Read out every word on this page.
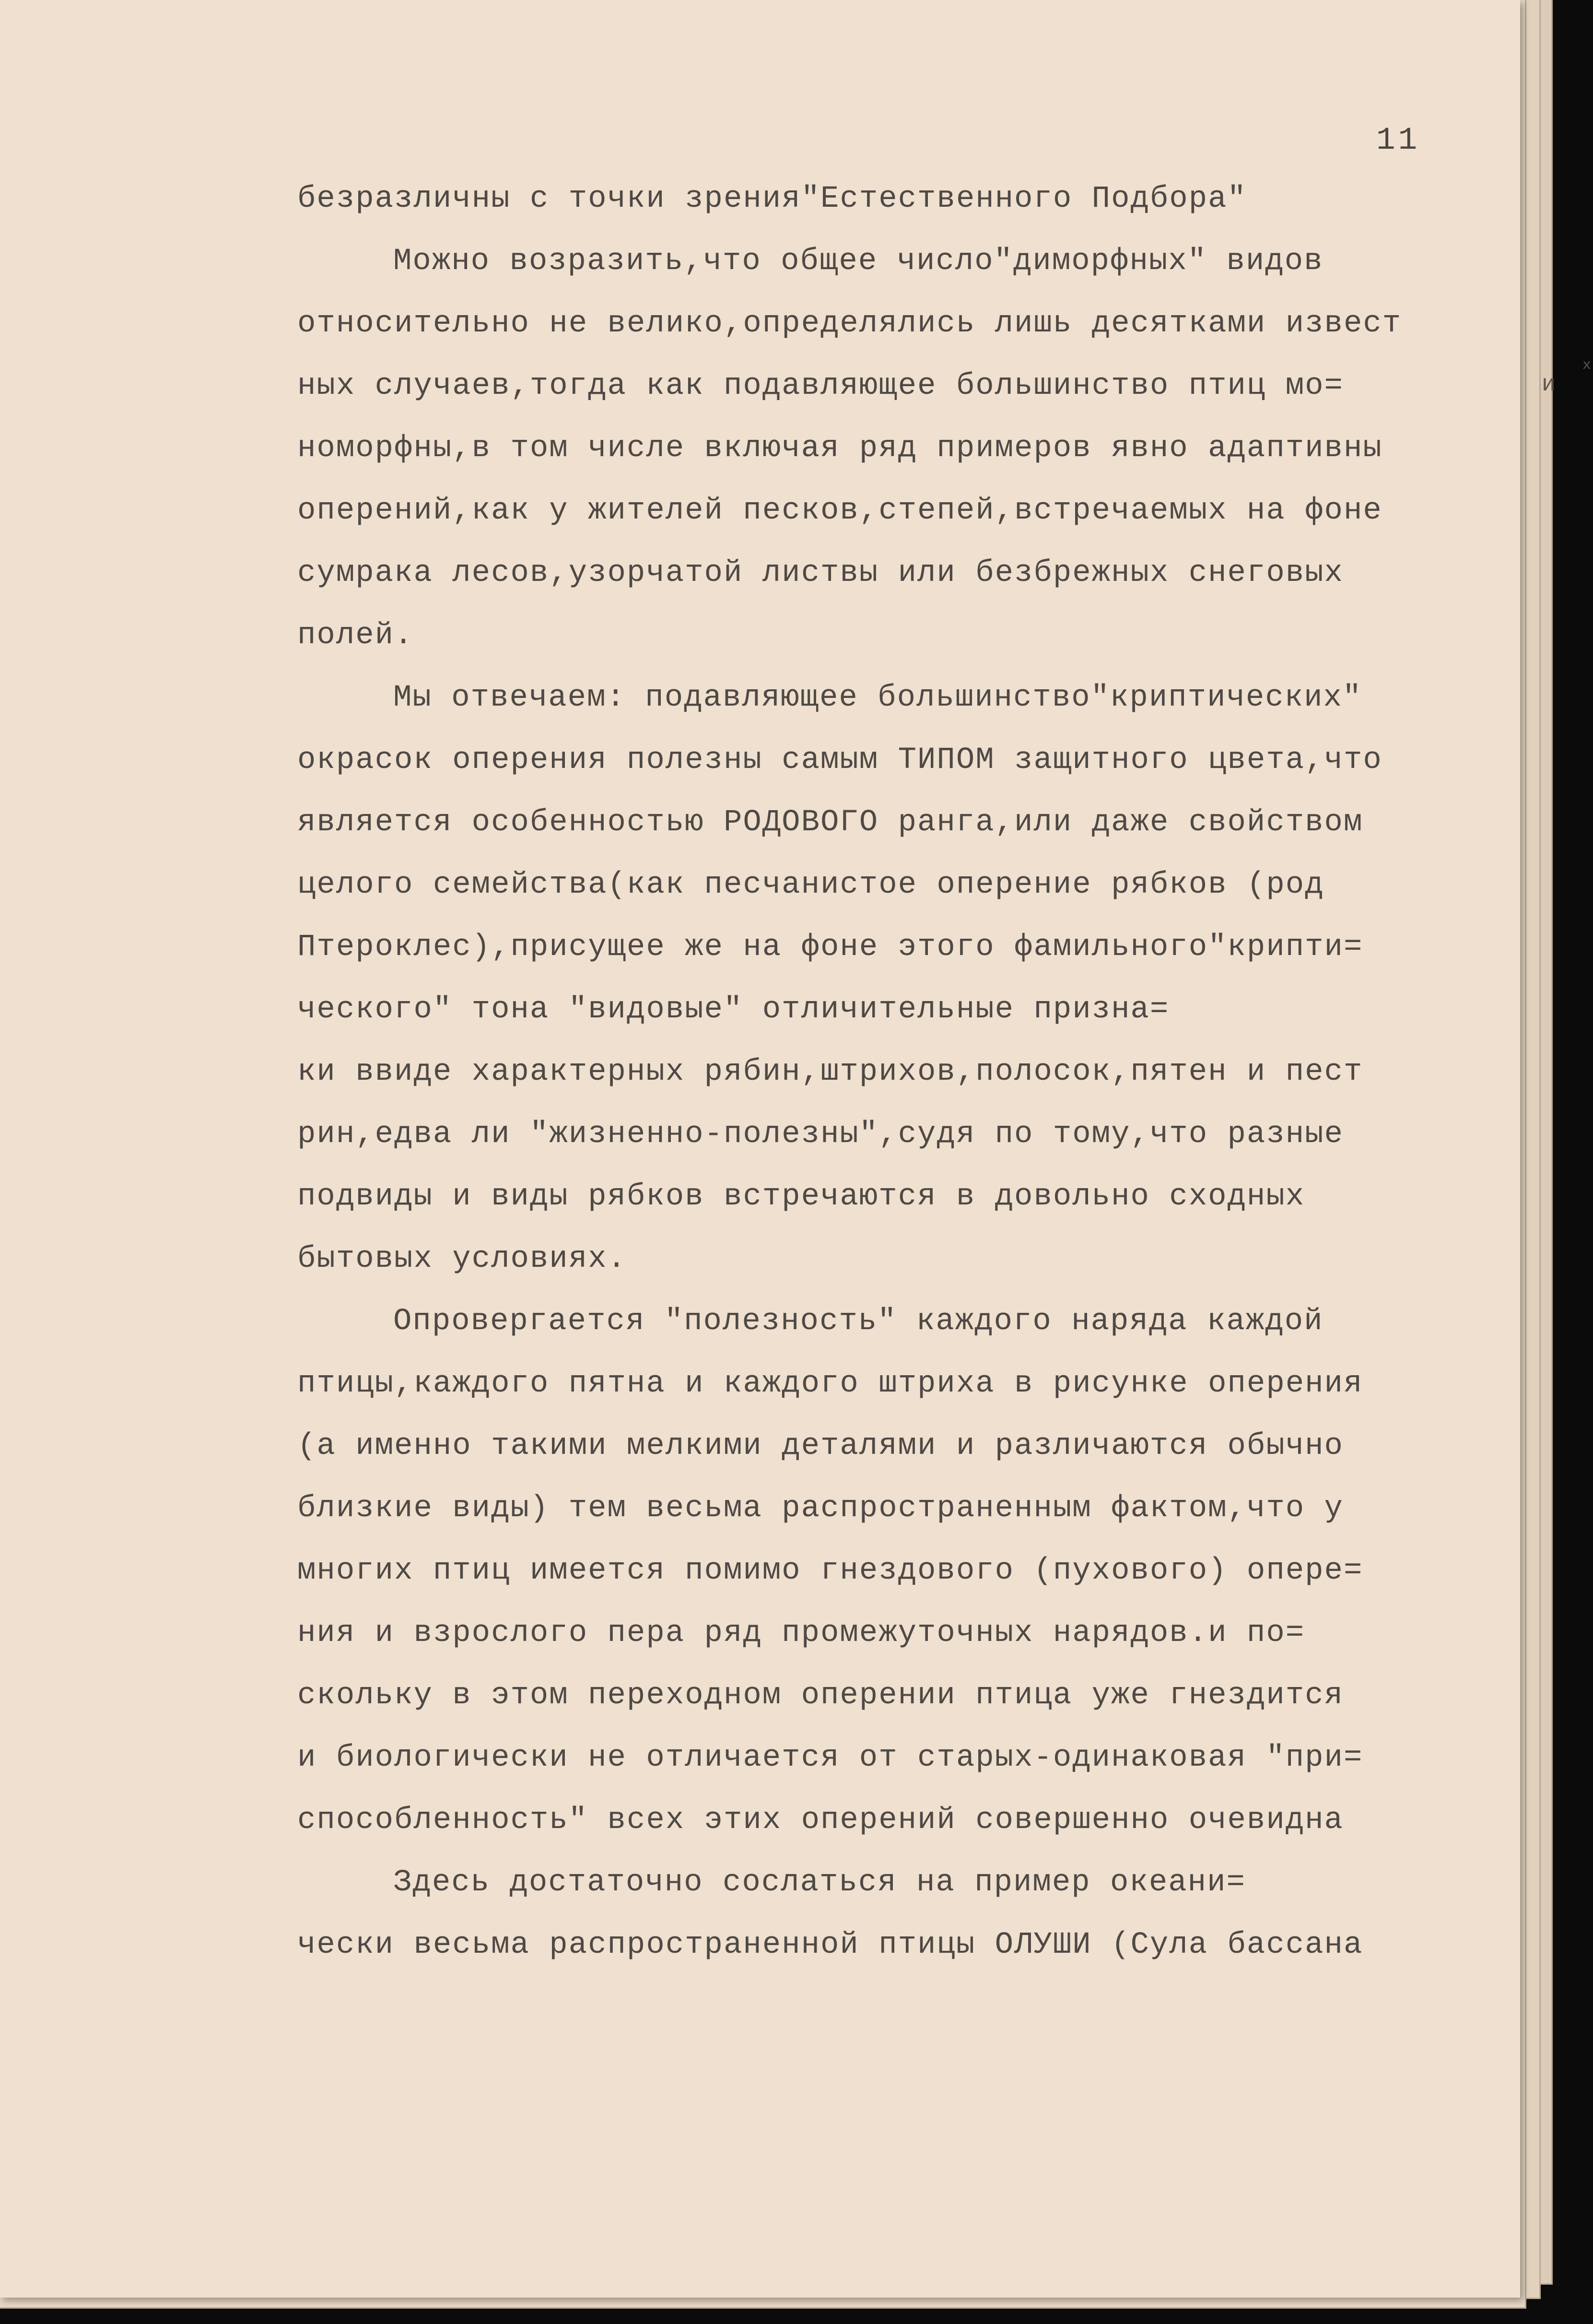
11
безразличны с точки зрения"Естественного Подбора"
Можно возразить,что общее число"диморфных" видов
относительно не велико,определялись лишь десятками извест
ных случаев,тогда как подавляющее большинство птиц мо=
номорфны,в том числе включая ряд примеров явно адаптивны
оперений,как у жителей песков,степей,встречаемых на фоне
сумрака лесов,узорчатой листвы или безбрежных снеговых
полей.
Мы отвечаем: подавляющее большинство"криптических"
окрасок оперения полезны самым ТИПОМ защитного цвета,что
является особенностью РОДОВОГО ранга,или даже свойством
целого семейства(как песчанистое оперение рябков (род
Птероклес),присущее же на фоне этого фамильного"крипти=
ческого" тона "видовые" отличительные призна=
ки ввиде характерных рябин,штрихов,полосок,пятен и пест
рин,едва ли "жизненно-полезны",судя по тому,что разные
подвиды и виды рябков встречаются в довольно сходных
бытовых условиях.
Опровергается "полезность" каждого наряда каждой
птицы,каждого пятна и каждого штриха в рисунке оперения
(а именно такими мелкими деталями и различаются обычно
близкие виды) тем весьма распространенным фактом,что у
многих птиц имеется помимо гнездового (пухового) опере=
ния и взрослого пера ряд промежуточных нарядов.и по=
скольку в этом переходном оперении птица уже гнездится
и биологически не отличается от старых-одинаковая "при=
способленность" всех этих оперений совершенно очевидна
Здесь достаточно сослаться на пример океани=
чески весьма распространенной птицы ОЛУШИ (Сула бассана
и
х
